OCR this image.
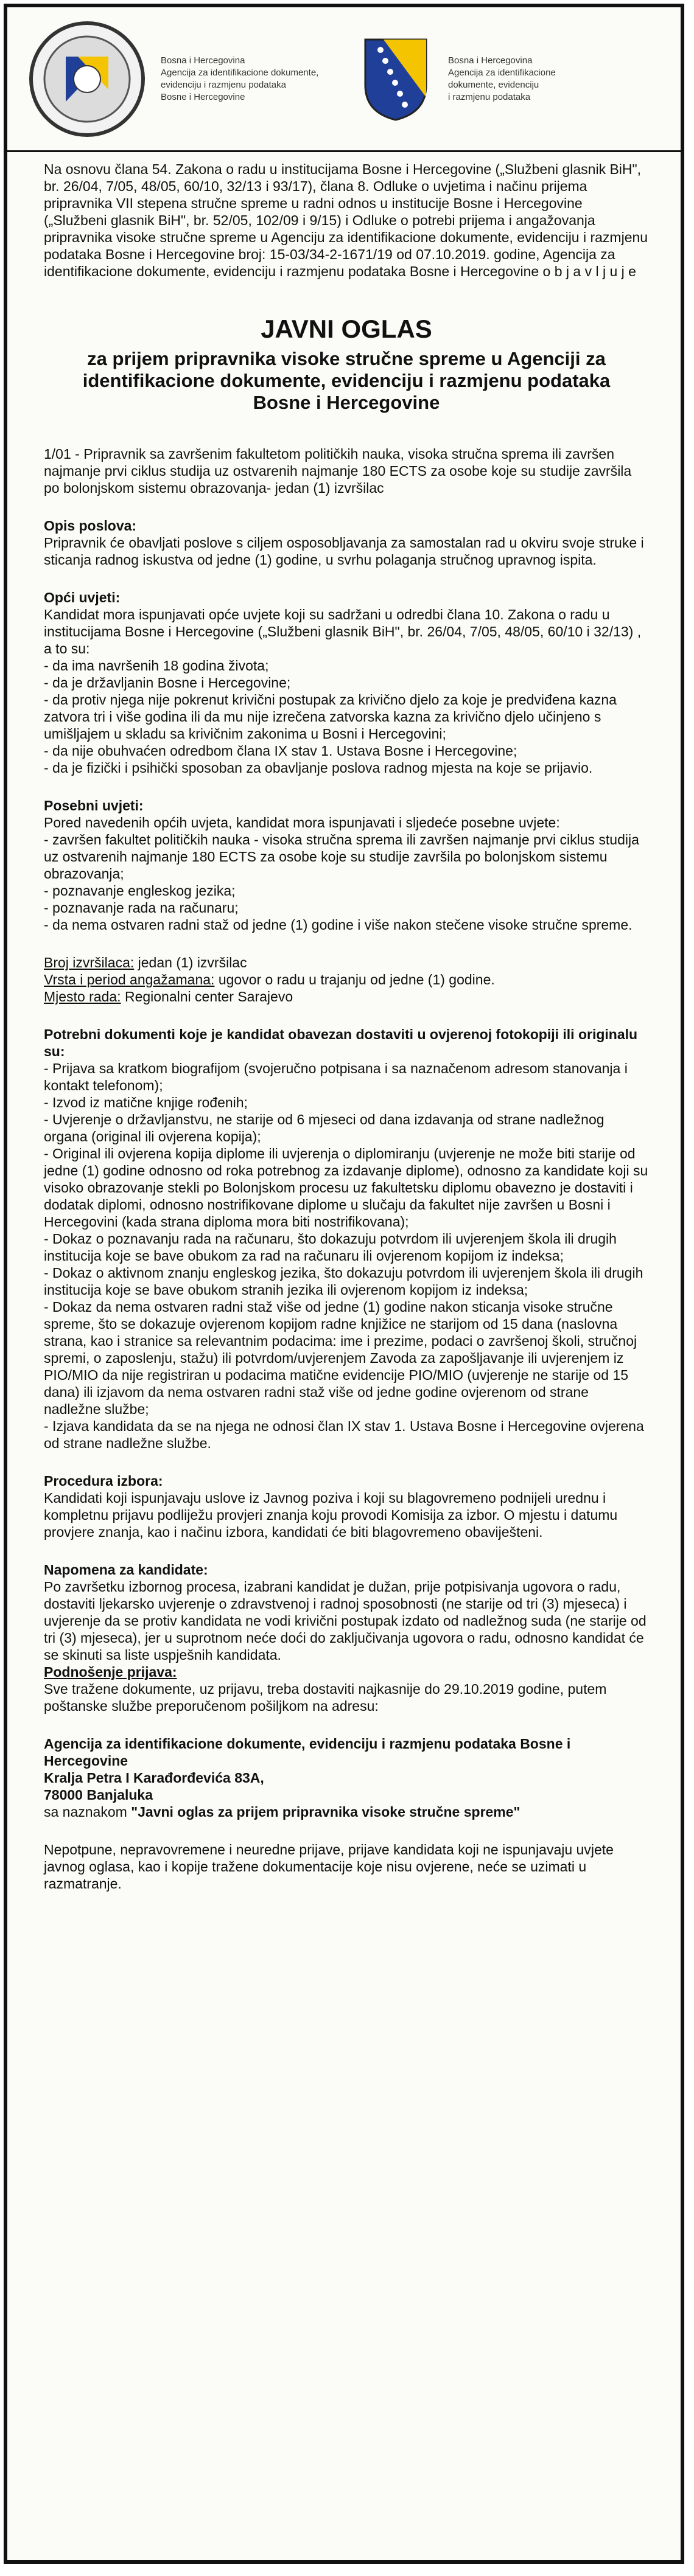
Bosna i Hercegovina
Agencija za identifikacione dokumente,
evidenciju i razmjenu podataka
Bosne i Hercegovine
Bosna i Hercegovina
Agencija za identifikacione
dokumente, evidenciju
i razmjenu podataka

Na osnovu člana 54. Zakona o radu u institucijama Bosne i Hercegovine („Službeni glasnik BiH", br. 26/04, 7/05, 48/05, 60/10, 32/13 i 93/17), člana 8. Odluke o uvjetima i načinu prijema pripravnika VII stepena stručne spreme u radni odnos u institucije Bosne i Hercegovine („Službeni glasnik BiH", br. 52/05, 102/09 i 9/15) i Odluke o potrebi prijema i angažovanja pripravnika visoke stručne spreme u Agenciju za identifikacione dokumente, evidenciju i razmjenu podataka Bosne i Hercegovine broj: 15-03/34-2-1671/19 od 07.10.2019. godine, Agencija za identifikacione dokumente, evidenciju i razmjenu podataka Bosne i Hercegovine o b j a v l j u j e

JAVNI OGLAS
za prijem pripravnika visoke stručne spreme u Agenciji za identifikacione dokumente, evidenciju i razmjenu podataka Bosne i Hercegovine

1/01 - Pripravnik sa završenim fakultetom političkih nauka, visoka stručna sprema ili završen najmanje prvi ciklus studija uz ostvarenih najmanje 180 ECTS za osobe koje su studije završila po bolonjskom sistemu obrazovanja- jedan (1) izvršilac

Opis poslova:

Pripravnik će obavljati poslove s ciljem osposobljavanja za samostalan rad u okviru svoje struke i sticanja radnog iskustva od jedne (1) godine, u svrhu polaganja stručnog upravnog ispita.

Opći uvjeti:

Kandidat mora ispunjavati opće uvjete koji su sadržani u odredbi člana 10. Zakona o radu u institucijama Bosne i Hercegovine („Službeni glasnik BiH", br. 26/04, 7/05, 48/05, 60/10 i 32/13) , a to su:

- da ima navršenih 18 godina života;

- da je državljanin Bosne i Hercegovine;

- da protiv njega nije pokrenut krivični postupak za krivično djelo za koje je predviđena kazna zatvora tri i više godina ili da mu nije izrečena zatvorska kazna za krivično djelo učinjeno s umišljajem u skladu sa krivičnim zakonima u Bosni i Hercegovini;

- da nije obuhvaćen odredbom člana IX stav 1. Ustava Bosne i Hercegovine;

- da je fizički i psihički sposoban za obavljanje poslova radnog mjesta na koje se prijavio.

Posebni uvjeti:

Pored navedenih općih uvjeta, kandidat mora ispunjavati i sljedeće posebne uvjete:

- završen fakultet političkih nauka - visoka stručna sprema ili završen najmanje prvi ciklus studija uz ostvarenih najmanje 180 ECTS za osobe koje su studije završila po bolonjskom sistemu obrazovanja;

- poznavanje engleskog jezika;

- poznavanje rada na računaru;

- da nema ostvaren radni staž od jedne (1) godine i više nakon stečene visoke stručne spreme.

Broj izvršilaca: jedan (1) izvršilac
Vrsta i period angažamana: ugovor o radu u trajanju od jedne (1) godine.
Mjesto rada: Regionalni center Sarajevo
Potrebni dokumenti koje je kandidat obavezan dostaviti u ovjerenoj fotokopiji ili originalu su:

- Prijava sa kratkom biografijom (svojeručno potpisana i sa naznačenom adresom stanovanja i kontakt telefonom);

- Izvod iz matične knjige rođenih;

- Uvjerenje o državljanstvu, ne starije od 6 mjeseci od dana izdavanja od strane nadležnog organa (original ili ovjerena kopija);

- Original ili ovjerena kopija diplome ili uvjerenja o diplomiranju (uvjerenje ne može biti starije od jedne (1) godine odnosno od roka potrebnog za izdavanje diplome), odnosno za kandidate koji su visoko obrazovanje stekli po Bolonjskom procesu uz fakultetsku diplomu obavezno je dostaviti i dodatak diplomi, odnosno nostrifikovane diplome u slučaju da fakultet nije završen u Bosni i Hercegovini (kada strana diploma mora biti nostrifikovana);

- Dokaz o poznavanju rada na računaru, što dokazuju potvrdom ili uvjerenjem škola ili drugih institucija koje se bave obukom za rad na računaru ili ovjerenom kopijom iz indeksa;

- Dokaz o aktivnom znanju engleskog jezika, što dokazuju potvrdom ili uvjerenjem škola ili drugih institucija koje se bave obukom stranih jezika ili ovjerenom kopijom iz indeksa;

- Dokaz da nema ostvaren radni staž više od jedne (1) godine nakon sticanja visoke stručne spreme, što se dokazuje ovjerenom kopijom radne knjižice ne starijom od 15 dana (naslovna strana, kao i stranice sa relevantnim podacima: ime i prezime, podaci o završenoj školi, stručnoj spremi, o zaposlenju, stažu) ili potvrdom/uvjerenjem Zavoda za zapošljavanje ili uvjerenjem iz PIO/MIO da nije registriran u podacima matične evidencije PIO/MIO (uvjerenje ne starije od 15 dana) ili izjavom da nema ostvaren radni staž više od jedne godine ovjerenom od strane nadležne službe;

- Izjava kandidata da se na njega ne odnosi član IX stav 1. Ustava Bosne i Hercegovine ovjerena od strane nadležne službe.

Procedura izbora:

Kandidati koji ispunjavaju uslove iz Javnog poziva i koji su blagovremeno podnijeli urednu i kompletnu prijavu podliježu provjeri znanja koju provodi Komisija za izbor. O mjestu i datumu provjere znanja, kao i načinu izbora, kandidati će biti blagovremeno obaviješteni.

Napomena za kandidate:

Po završetku izbornog procesa, izabrani kandidat je dužan, prije potpisivanja ugovora o radu, dostaviti ljekarsko uvjerenje o zdravstvenoj i radnoj sposobnosti (ne starije od tri (3) mjeseca) i uvjerenje da se protiv kandidata ne vodi krivični postupak izdato od nadležnog suda (ne starije od tri (3) mjeseca), jer u suprotnom neće doći do zaključivanja ugovora o radu, odnosno kandidat će se skinuti sa liste uspješnih kandidata.

Podnošenje prijava:

Sve tražene dokumente, uz prijavu, treba dostaviti najkasnije do 29.10.2019 godine, putem poštanske službe preporučenom pošiljkom na adresu:

Agencija za identifikacione dokumente, evidenciju i razmjenu podataka Bosne i Hercegovine
Kralja Petra I Karađorđevića 83A,
78000 Banjaluka
sa naznakom "Javni oglas za prijem pripravnika visoke stručne spreme"

Nepotpune, nepravovremene i neuredne prijave, prijave kandidata koji ne ispunjavaju uvjete javnog oglasa, kao i kopije tražene dokumentacije koje nisu ovjerene, neće se uzimati u razmatranje.
